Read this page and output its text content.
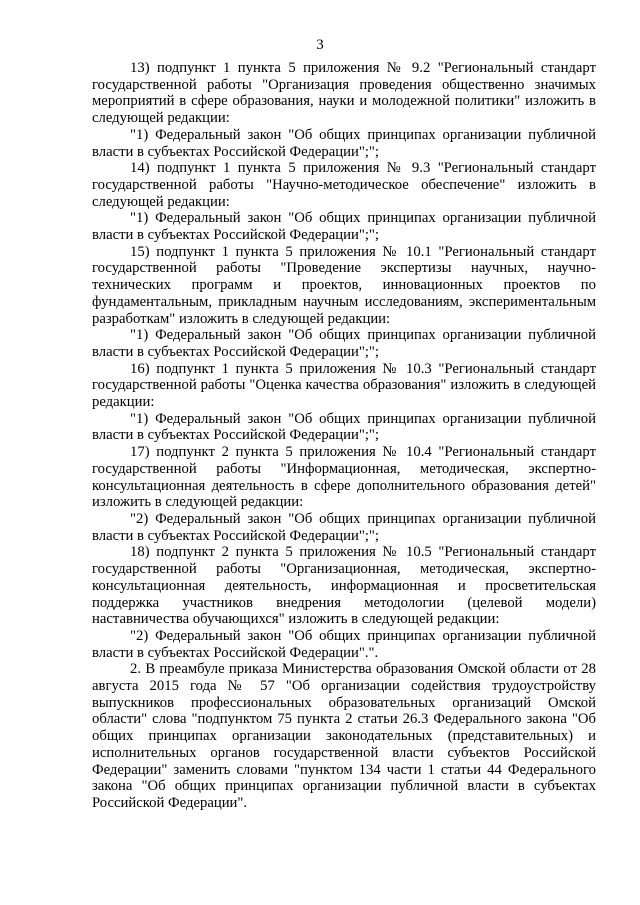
3

13) подпункт 1 пункта 5 приложения № 9.2 "Региональный стандарт государственной работы "Организация проведения общественно значимых мероприятий в сфере образования, науки и молодежной политики" изложить в следующей редакции:

"1) Федеральный закон "Об общих принципах организации публичной власти в субъектах Российской Федерации";";

14) подпункт 1 пункта 5 приложения № 9.3 "Региональный стандарт государственной работы "Научно-методическое обеспечение" изложить в следующей редакции:

"1) Федеральный закон "Об общих принципах организации публичной власти в субъектах Российской Федерации";";

15) подпункт 1 пункта 5 приложения № 10.1 "Региональный стандарт государственной работы "Проведение экспертизы научных, научно-технических программ и проектов, инновационных проектов по фундаментальным, прикладным научным исследованиям, экспериментальным разработкам" изложить в следующей редакции:

"1) Федеральный закон "Об общих принципах организации публичной власти в субъектах Российской Федерации";";

16) подпункт 1 пункта 5 приложения № 10.3 "Региональный стандарт государственной работы "Оценка качества образования" изложить в следующей редакции:

"1) Федеральный закон "Об общих принципах организации публичной власти в субъектах Российской Федерации";";

17) подпункт 2 пункта 5 приложения № 10.4 "Региональный стандарт государственной работы "Информационная, методическая, экспертно-консультационная деятельность в сфере дополнительного образования детей" изложить в следующей редакции:

"2) Федеральный закон "Об общих принципах организации публичной власти в субъектах Российской Федерации";";

18) подпункт 2 пункта 5 приложения № 10.5 "Региональный стандарт государственной работы "Организационная, методическая, экспертно-консультационная деятельность, информационная и просветительская поддержка участников внедрения методологии (целевой модели) наставничества обучающихся" изложить в следующей редакции:

"2) Федеральный закон "Об общих принципах организации публичной власти в субъектах Российской Федерации".".

2. В преамбуле приказа Министерства образования Омской области от 28 августа 2015 года № 57 "Об организации содействия трудоустройству выпускников профессиональных образовательных организаций Омской области" слова "подпунктом 75 пункта 2 статьи 26.3 Федерального закона "Об общих принципах организации законодательных (представительных) и исполнительных органов государственной власти субъектов Российской Федерации" заменить словами "пунктом 134 части 1 статьи 44 Федерального закона "Об общих принципах организации публичной власти в субъектах Российской Федерации".
